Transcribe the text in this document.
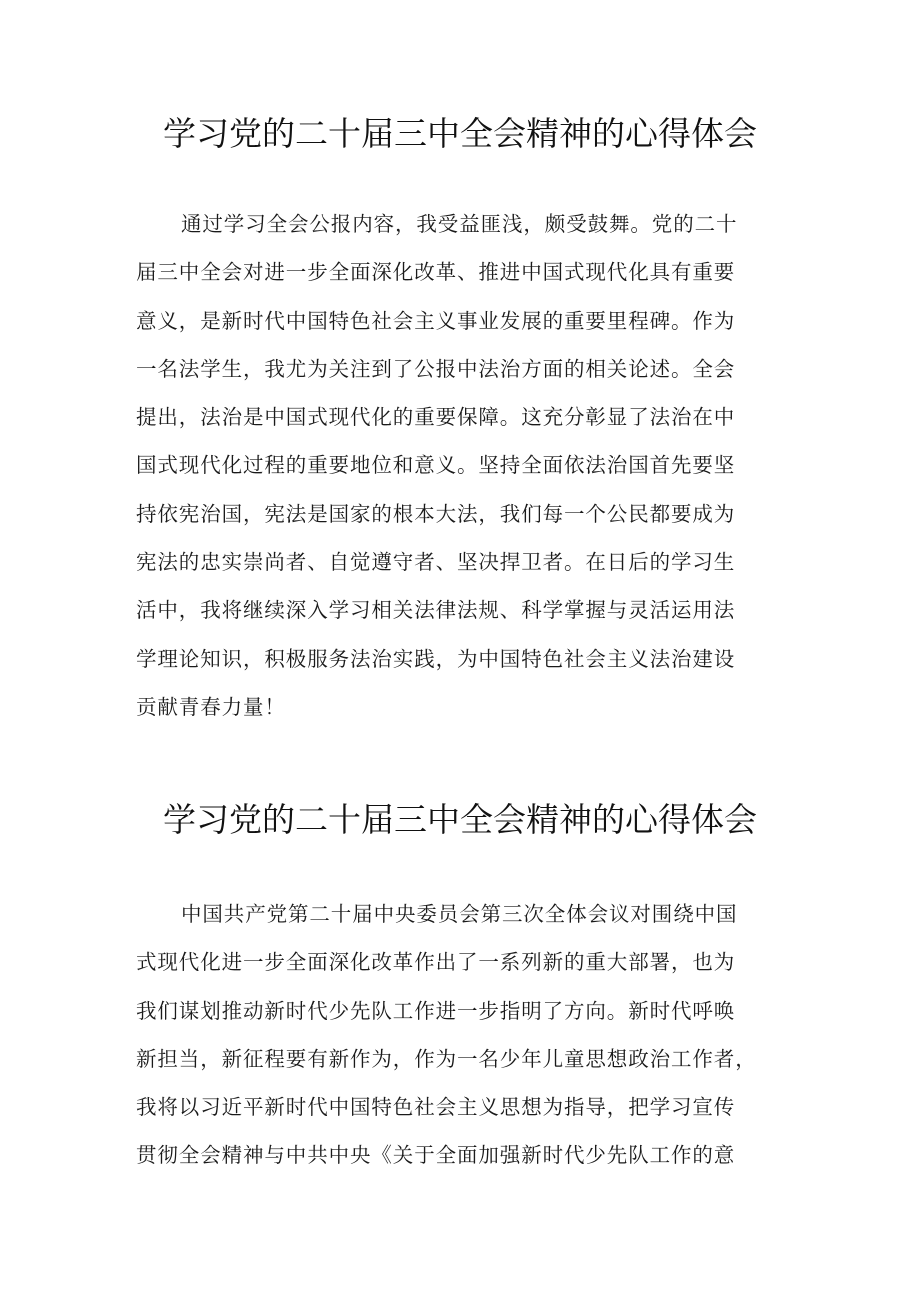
学习党的二十届三中全会精神的心得体会
通过学习全会公报内容，我受益匪浅，颇受鼓舞。党的二十
届三中全会对进一步全面深化改革、推进中国式现代化具有重要
意义，是新时代中国特色社会主义事业发展的重要里程碑。作为
一名法学生，我尤为关注到了公报中法治方面的相关论述。全会
提出，法治是中国式现代化的重要保障。这充分彰显了法治在中
国式现代化过程的重要地位和意义。坚持全面依法治国首先要坚
持依宪治国，宪法是国家的根本大法，我们每一个公民都要成为
宪法的忠实崇尚者、自觉遵守者、坚决捍卫者。在日后的学习生
活中，我将继续深入学习相关法律法规、科学掌握与灵活运用法
学理论知识，积极服务法治实践，为中国特色社会主义法治建设
贡献青春力量！
学习党的二十届三中全会精神的心得体会
中国共产党第二十届中央委员会第三次全体会议对围绕中国
式现代化进一步全面深化改革作出了一系列新的重大部署，也为
我们谋划推动新时代少先队工作进一步指明了方向。新时代呼唤
新担当，新征程要有新作为，作为一名少年儿童思想政治工作者，
我将以习近平新时代中国特色社会主义思想为指导，把学习宣传
贯彻全会精神与中共中央《关于全面加强新时代少先队工作的意
